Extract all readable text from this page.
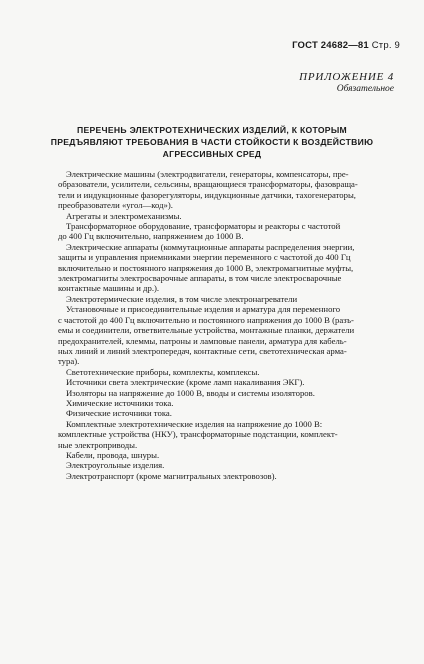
ГОСТ 24682—81 Стр. 9
ПРИЛОЖЕНИЕ 4
Обязательное
ПЕРЕЧЕНЬ ЭЛЕКТРОТЕХНИЧЕСКИХ ИЗДЕЛИЙ, К КОТОРЫМ
ПРЕДЪЯВЛЯЮТ ТРЕБОВАНИЯ В ЧАСТИ СТОЙКОСТИ К ВОЗДЕЙСТВИЮ
АГРЕССИВНЫХ СРЕД

Электрические машины (электродвигатели, генераторы, компенсаторы, пре-
образователи, усилители, сельсины, вращающиеся трансформаторы, фазовраща-
тели и индукционные фазорегуляторы, индукционные датчики, тахогенераторы,
преобразователи «угол—код»).

Агрегаты и электромеханизмы.

Трансформаторное оборудование, трансформаторы и реакторы с частотой
до 400 Гц включительно, напряжением до 1000 В.

Электрические аппараты (коммутационные аппараты распределения энергии,
защиты и управления приемниками энергии переменного с частотой до 400 Гц
включительно и постоянного напряжения до 1000 В, электромагнитные муфты,
электромагниты электросварочные аппараты, в том числе электросварочные
контактные машины и др.).

Электротермические изделия, в том числе электронагреватели

Установочные и присоединительные изделия и арматура для переменного
с частотой до 400 Гц включительно и постоянного напряжения до 1000 В (разъ-
емы и соединители, ответвительные устройства, монтажные планки, держатели
предохранителей, клеммы, патроны и ламповые панели, арматура для кабель-
ных линий и линий электропередач, контактные сети, светотехническая арма-
тура).

Светотехнические приборы, комплекты, комплексы.

Источники света электрические (кроме ламп накаливания ЭКГ).

Изоляторы на напряжение до 1000 В, вводы и системы изоляторов.

Химические источники тока.

Физические источники тока.

Комплектные электротехнические изделия на напряжение до 1000 В:
комплектные устройства (НКУ), трансформаторные подстанции, комплект-
ные электроприводы.

Кабели, провода, шнуры.

Электроугольные изделия.

Электротранспорт (кроме магнитральных электровозов).
